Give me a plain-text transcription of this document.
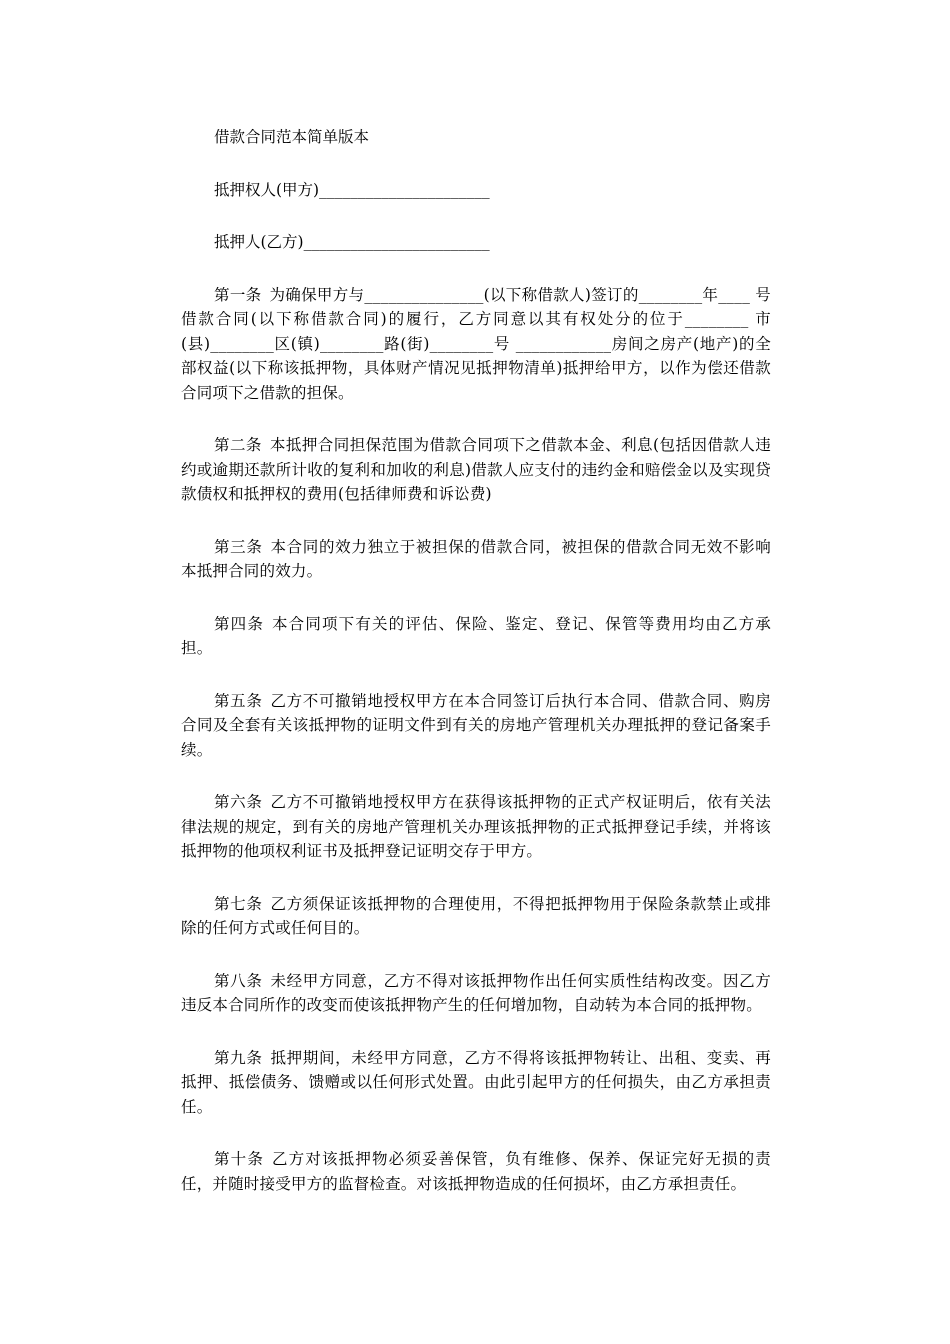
借款合同范本简单版本
抵押权人(甲方)______________________
抵押人(乙方)________________________

第一条 为确保甲方与_______________(以下称借款人)签订的________年____ 号借款合同(以下称借款合同)的履行，乙方同意以其有权处分的位于________ 市(县)________区(镇)________路(街)________号 ____________房间之房产(地产)的全部权益(以下称该抵押物，具体财产情况见抵押物清单)抵押给甲方，以作为偿还借款合同项下之借款的担保。

第二条 本抵押合同担保范围为借款合同项下之借款本金、利息(包括因借款人违约或逾期还款所计收的复利和加收的利息)借款人应支付的违约金和赔偿金以及实现贷款债权和抵押权的费用(包括律师费和诉讼费)

第三条 本合同的效力独立于被担保的借款合同，被担保的借款合同无效不影响本抵押合同的效力。

第四条 本合同项下有关的评估、保险、鉴定、登记、保管等费用均由乙方承担。

第五条 乙方不可撤销地授权甲方在本合同签订后执行本合同、借款合同、购房合同及全套有关该抵押物的证明文件到有关的房地产管理机关办理抵押的登记备案手续。

第六条 乙方不可撤销地授权甲方在获得该抵押物的正式产权证明后，依有关法律法规的规定，到有关的房地产管理机关办理该抵押物的正式抵押登记手续，并将该抵押物的他项权利证书及抵押登记证明交存于甲方。

第七条 乙方须保证该抵押物的合理使用，不得把抵押物用于保险条款禁止或排除的任何方式或任何目的。

第八条 未经甲方同意，乙方不得对该抵押物作出任何实质性结构改变。因乙方违反本合同所作的改变而使该抵押物产生的任何增加物，自动转为本合同的抵押物。

第九条 抵押期间，未经甲方同意，乙方不得将该抵押物转让、出租、变卖、再抵押、抵偿债务、馈赠或以任何形式处置。由此引起甲方的任何损失，由乙方承担责任。

第十条 乙方对该抵押物必须妥善保管，负有维修、保养、保证完好无损的责任，并随时接受甲方的监督检查。对该抵押物造成的任何损坏，由乙方承担责任。
